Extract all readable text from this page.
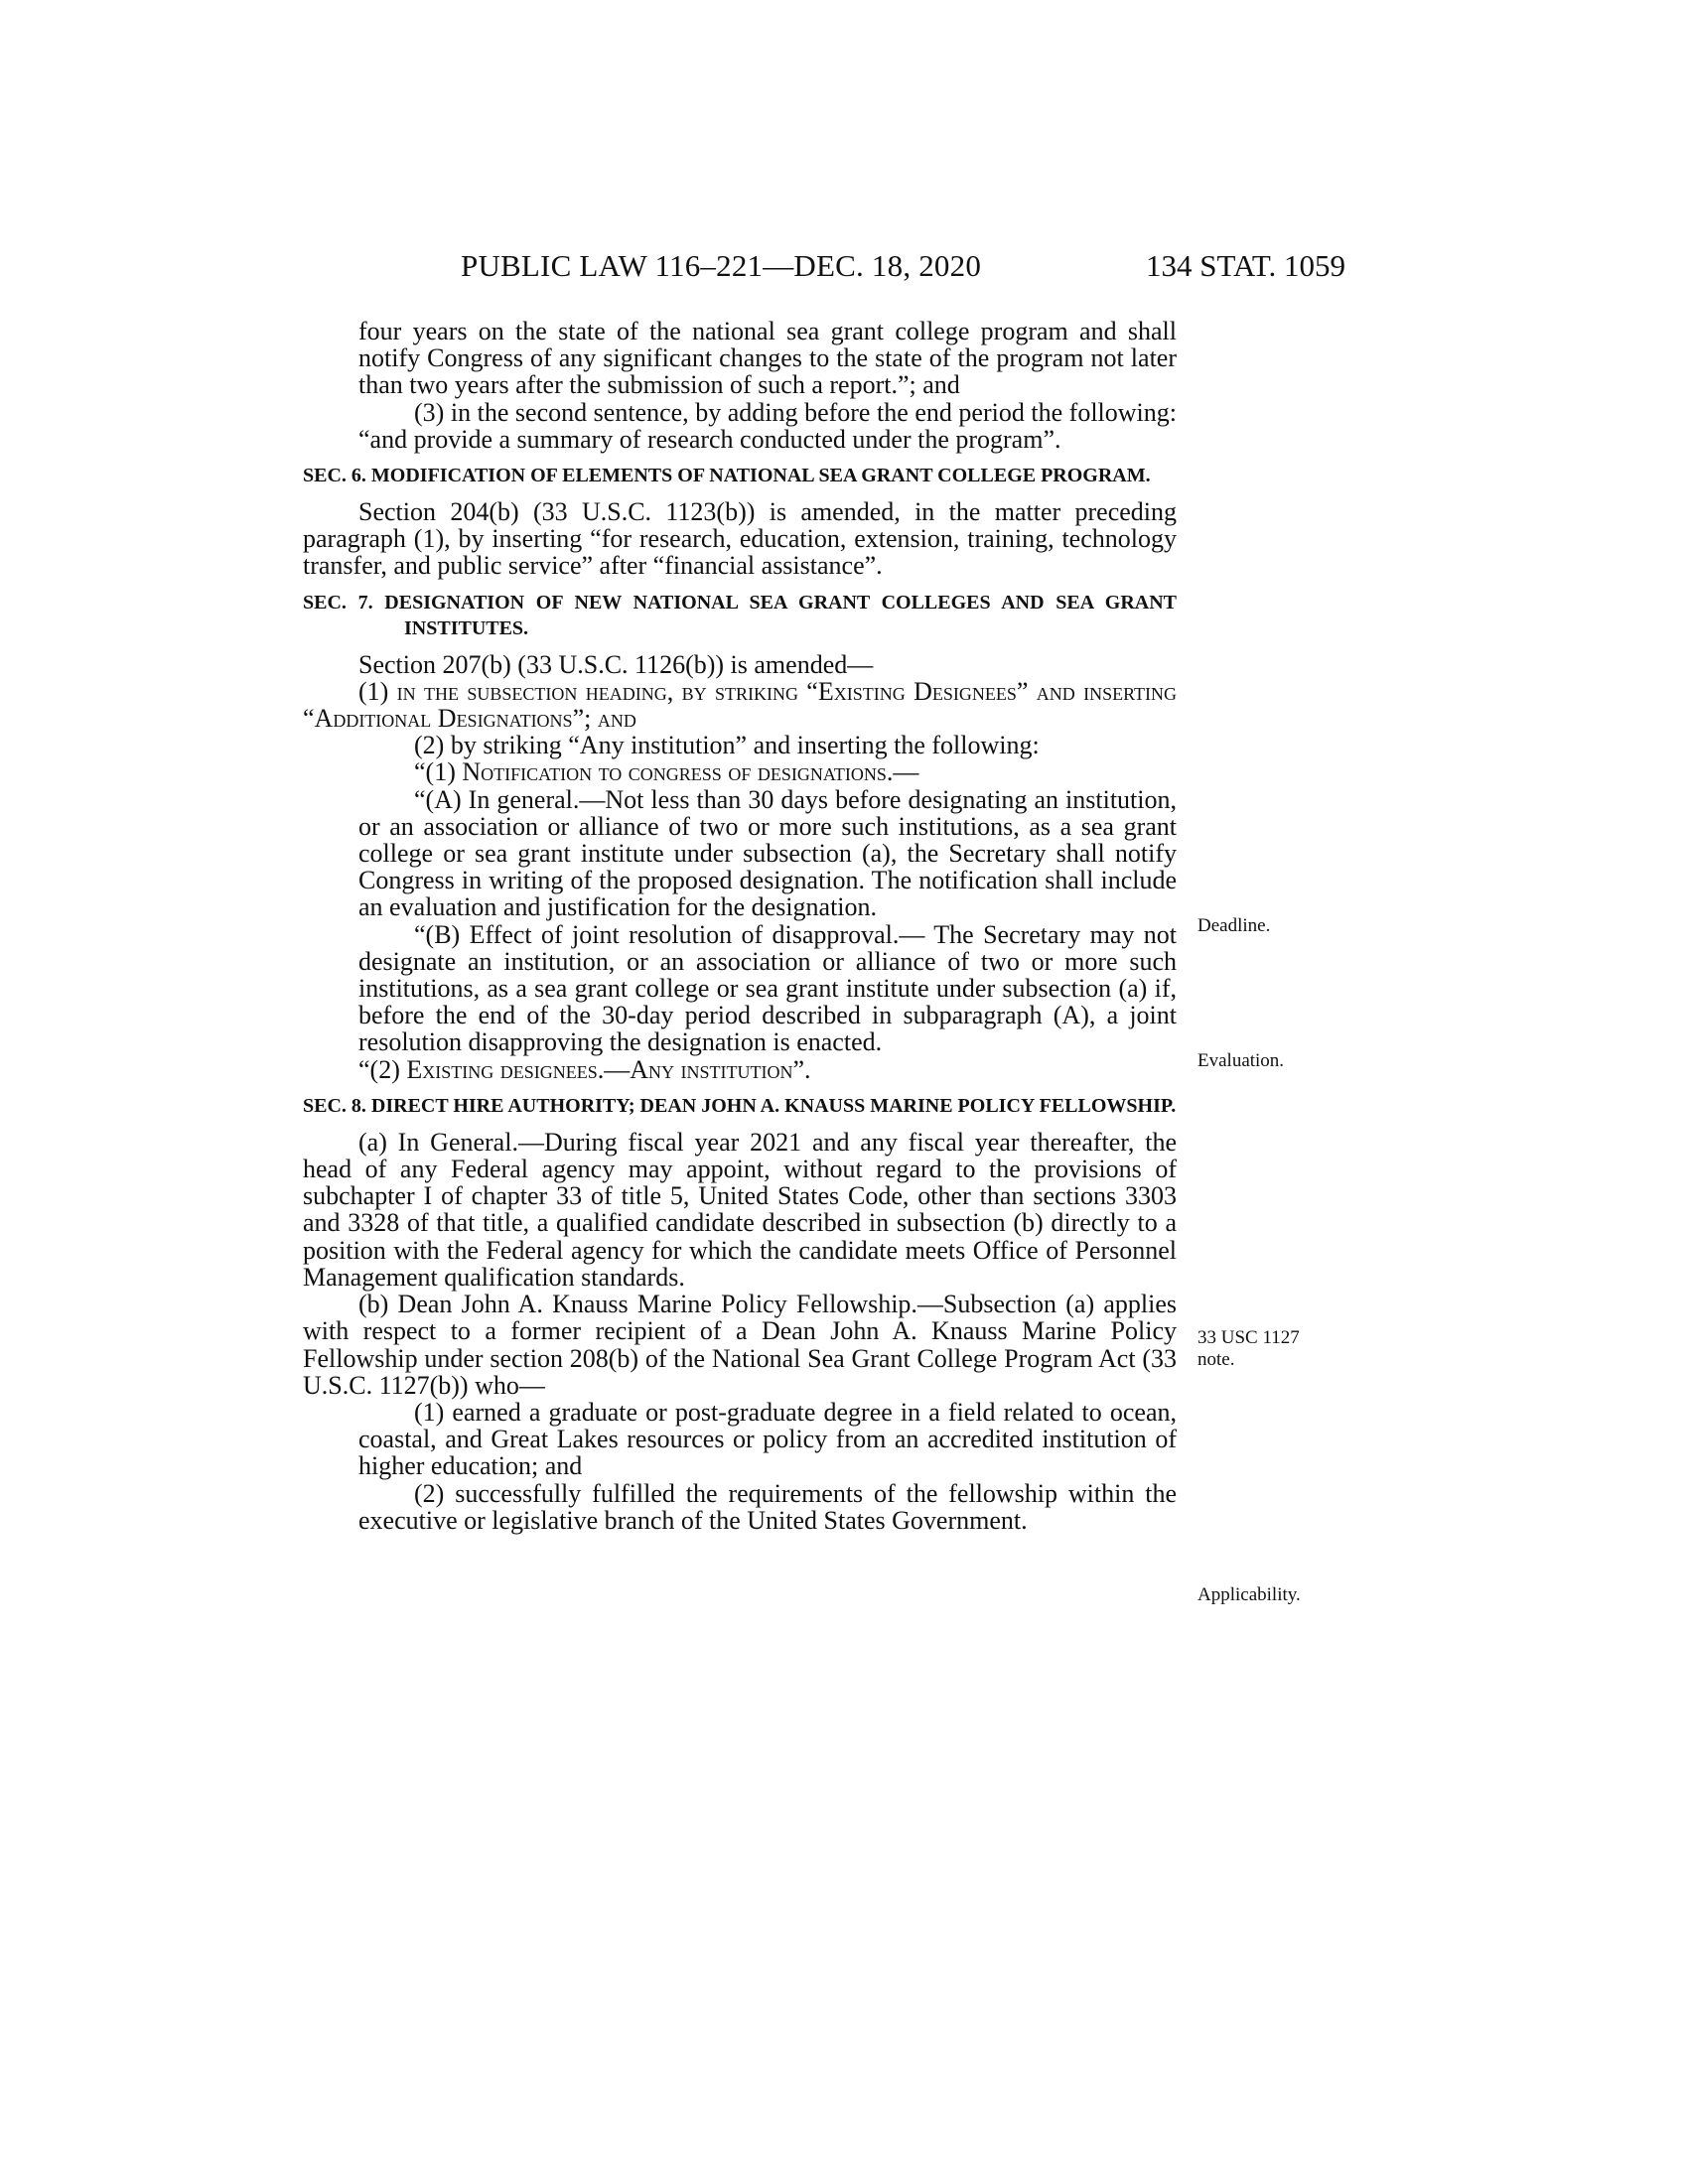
PUBLIC LAW 116–221—DEC. 18, 2020	134 STAT. 1059

four years on the state of the national sea grant college program and shall notify Congress of any significant changes to the state of the program not later than two years after the submission of such a report.”; and

(3) in the second sentence, by adding before the end period the following: “and provide a summary of research conducted under the program”.

SEC. 6. MODIFICATION OF ELEMENTS OF NATIONAL SEA GRANT COLLEGE PROGRAM.

Section 204(b) (33 U.S.C. 1123(b)) is amended, in the matter preceding paragraph (1), by inserting “for research, education, extension, training, technology transfer, and public service” after “financial assistance”.

SEC. 7. DESIGNATION OF NEW NATIONAL SEA GRANT COLLEGES AND SEA GRANT INSTITUTES.

Section 207(b) (33 U.S.C. 1126(b)) is amended—

(1) in the subsection heading, by striking “Existing Designees” and inserting “Additional Designations”; and

(2) by striking “Any institution” and inserting the following:

“(1) Notification to congress of designations.—

“(A) In general.—Not less than 30 days before designating an institution, or an association or alliance of two or more such institutions, as a sea grant college or sea grant institute under subsection (a), the Secretary shall notify Congress in writing of the proposed designation. The notification shall include an evaluation and justification for the designation.

“(B) Effect of joint resolution of disapproval.— The Secretary may not designate an institution, or an association or alliance of two or more such institutions, as a sea grant college or sea grant institute under subsection (a) if, before the end of the 30-day period described in subparagraph (A), a joint resolution disapproving the designation is enacted.

“(2) Existing designees.—Any institution”.

SEC. 8. DIRECT HIRE AUTHORITY; DEAN JOHN A. KNAUSS MARINE POLICY FELLOWSHIP.

(a) In General.—During fiscal year 2021 and any fiscal year thereafter, the head of any Federal agency may appoint, without regard to the provisions of subchapter I of chapter 33 of title 5, United States Code, other than sections 3303 and 3328 of that title, a qualified candidate described in subsection (b) directly to a position with the Federal agency for which the candidate meets Office of Personnel Management qualification standards.

(b) Dean John A. Knauss Marine Policy Fellowship.—Subsection (a) applies with respect to a former recipient of a Dean John A. Knauss Marine Policy Fellowship under section 208(b) of the National Sea Grant College Program Act (33 U.S.C. 1127(b)) who—

(1) earned a graduate or post-graduate degree in a field related to ocean, coastal, and Great Lakes resources or policy from an accredited institution of higher education; and

(2) successfully fulfilled the requirements of the fellowship within the executive or legislative branch of the United States Government.

Deadline.
Evaluation.
33 USC 1127
note.
Applicability.
